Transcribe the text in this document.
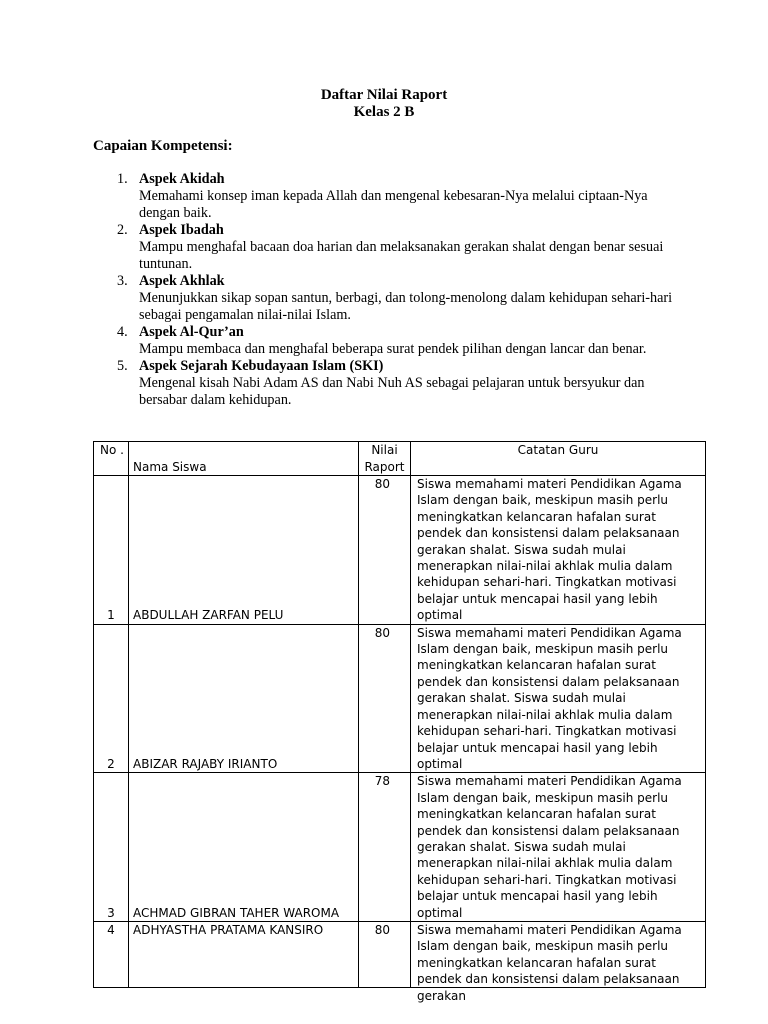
Daftar Nilai Raport
Kelas 2 B
Capaian Kompetensi:
1. Aspek Akidah
Memahami konsep iman kepada Allah dan mengenal kebesaran-Nya melalui ciptaan-Nya dengan baik.
2. Aspek Ibadah
Mampu menghafal bacaan doa harian dan melaksanakan gerakan shalat dengan benar sesuai tuntunan.
3. Aspek Akhlak
Menunjukkan sikap sopan santun, berbagi, dan tolong-menolong dalam kehidupan sehari-hari sebagai pengamalan nilai-nilai Islam.
4. Aspek Al-Qur’an
Mampu membaca dan menghafal beberapa surat pendek pilihan dengan lancar dan benar.
5. Aspek Sejarah Kebudayaan Islam (SKI)
Mengenal kisah Nabi Adam AS dan Nabi Nuh AS sebagai pelajaran untuk bersyukur dan bersabar dalam kehidupan.
No .	Nama Siswa	Nilai Raport	Catatan Guru
1	ABDULLAH ZARFAN PELU	80	Siswa memahami materi Pendidikan Agama Islam dengan baik, meskipun masih perlu meningkatkan kelancaran hafalan surat pendek dan konsistensi dalam pelaksanaan gerakan shalat. Siswa sudah mulai menerapkan nilai-nilai akhlak mulia dalam kehidupan sehari-hari. Tingkatkan motivasi belajar untuk mencapai hasil yang lebih optimal
2	ABIZAR RAJABY IRIANTO	80	Siswa memahami materi Pendidikan Agama Islam dengan baik, meskipun masih perlu meningkatkan kelancaran hafalan surat pendek dan konsistensi dalam pelaksanaan gerakan shalat. Siswa sudah mulai menerapkan nilai-nilai akhlak mulia dalam kehidupan sehari-hari. Tingkatkan motivasi belajar untuk mencapai hasil yang lebih optimal
3	ACHMAD GIBRAN TAHER WAROMA	78	Siswa memahami materi Pendidikan Agama Islam dengan baik, meskipun masih perlu meningkatkan kelancaran hafalan surat pendek dan konsistensi dalam pelaksanaan gerakan shalat. Siswa sudah mulai menerapkan nilai-nilai akhlak mulia dalam kehidupan sehari-hari. Tingkatkan motivasi belajar untuk mencapai hasil yang lebih optimal
4	ADHYASTHA PRATAMA KANSIRO	80	Siswa memahami materi Pendidikan Agama Islam dengan baik, meskipun masih perlu meningkatkan kelancaran hafalan surat pendek dan konsistensi dalam pelaksanaan gerakan
